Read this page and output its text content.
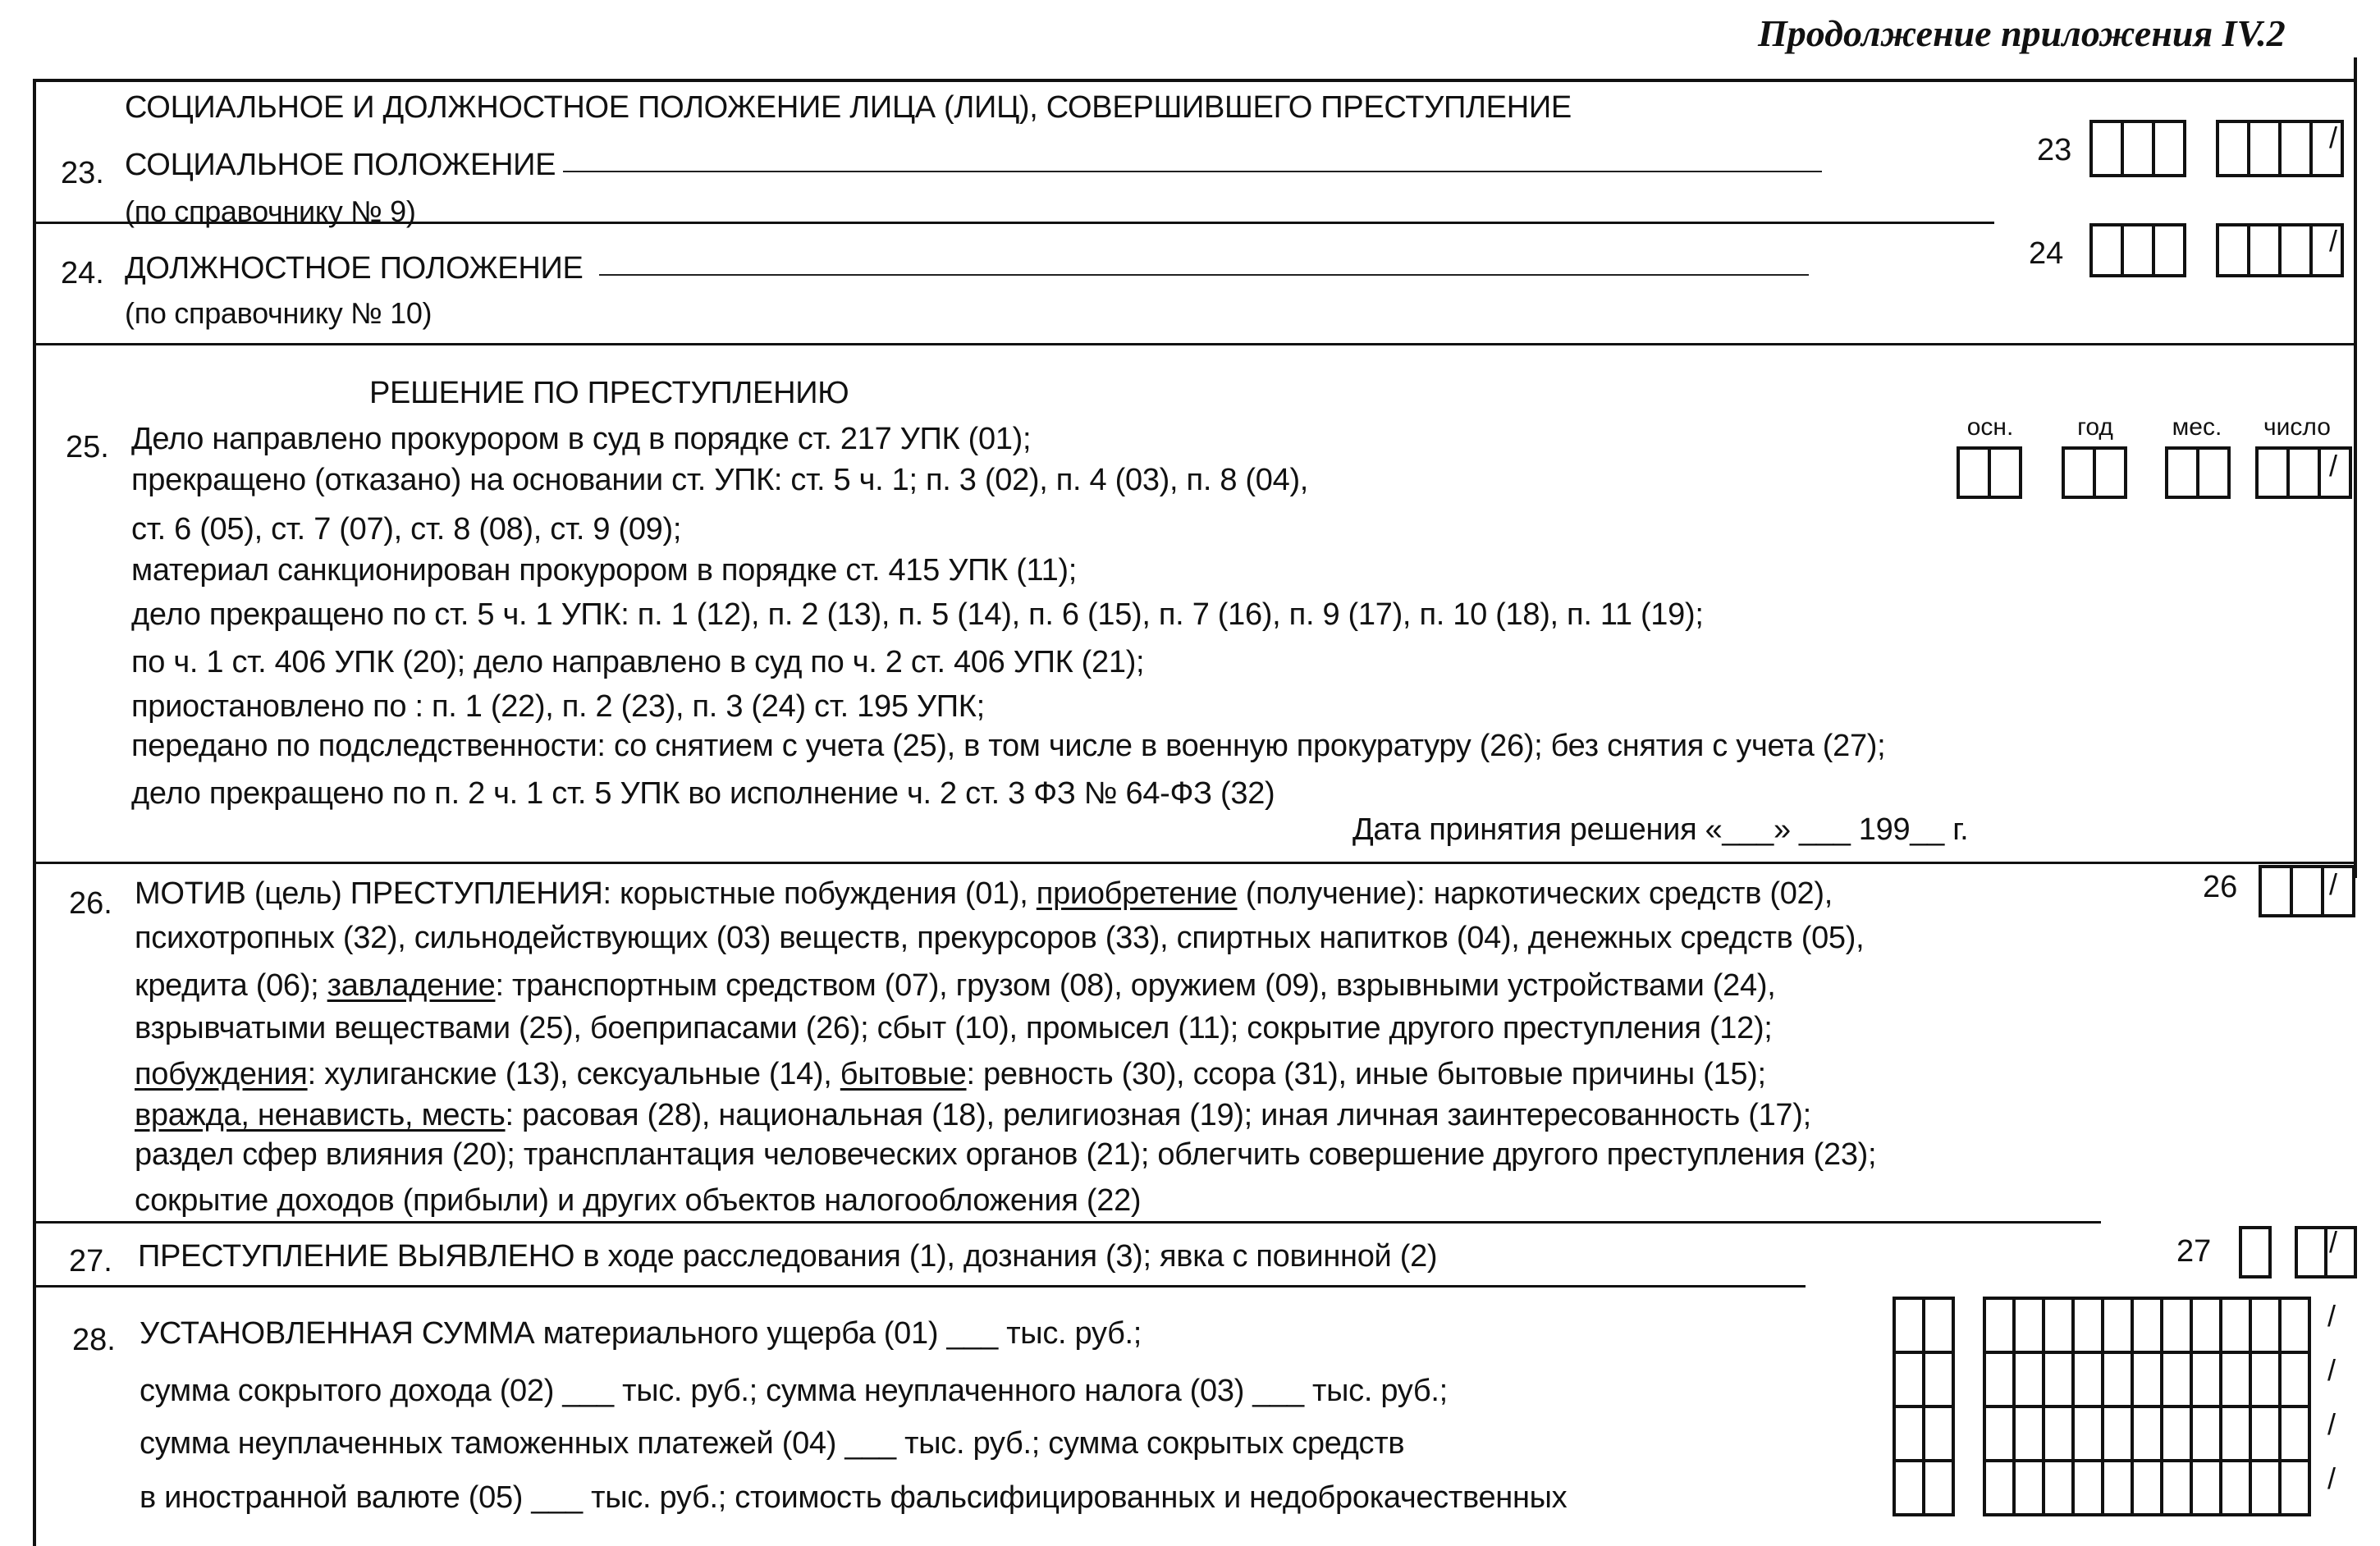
Продолжение приложения IV.2
СОЦИАЛЬНОЕ И ДОЛЖНОСТНОЕ ПОЛОЖЕНИЕ ЛИЦА (ЛИЦ), СОВЕРШИВШЕГО ПРЕСТУПЛЕНИЕ
23. СОЦИАЛЬНОЕ ПОЛОЖЕНИЕ
(по справочнику № 9)
23	/
24. ДОЛЖНОСТНОЕ ПОЛОЖЕНИЕ
(по справочнику № 10)
24	/
РЕШЕНИЕ ПО ПРЕСТУПЛЕНИЮ
25. Дело направлено прокурором в суд в порядке ст. 217 УПК (01);
прекращено (отказано) на основании ст. УПК: ст. 5 ч. 1; п. 3 (02), п. 4 (03), п. 8 (04),
ст. 6 (05), ст. 7 (07), ст. 8 (08), ст. 9 (09);
материал санкционирован прокурором в порядке ст. 415 УПК (11);
дело прекращено по ст. 5 ч. 1 УПК: п. 1 (12), п. 2 (13), п. 5 (14), п. 6 (15), п. 7 (16), п. 9 (17), п. 10 (18), п. 11 (19);
по ч. 1 ст. 406 УПК (20); дело направлено в суд по ч. 2 ст. 406 УПК (21);
приостановлено по : п. 1 (22), п. 2 (23), п. 3 (24) ст. 195 УПК;
передано по подследственности: со снятием с учета (25), в том числе в военную прокуратуру (26); без снятия с учета (27);
дело прекращено по п. 2 ч. 1 ст. 5 УПК во исполнение ч. 2 ст. 3 ФЗ № 64-ФЗ (32)
Дата принятия решения «___» ___ 199__ г.
осн.	год	мес.	число
/
26. МОТИВ (цель) ПРЕСТУПЛЕНИЯ: корыстные побуждения (01), приобретение (получение): наркотических средств (02),
психотропных (32), сильнодействующих (03) веществ, прекурсоров (33), спиртных напитков (04), денежных средств (05),
кредита (06); завладение: транспортным средством (07), грузом (08), оружием (09), взрывными устройствами (24),
взрывчатыми веществами (25), боеприпасами (26); сбыт (10), промысел (11); сокрытие другого преступления (12);
побуждения: хулиганские (13), сексуальные (14), бытовые: ревность (30), ссора (31), иные бытовые причины (15);
вражда, ненависть, месть: расовая (28), национальная (18), религиозная (19); иная личная заинтересованность (17);
раздел сфер влияния (20); трансплантация человеческих органов (21); облегчить совершение другого преступления (23);
сокрытие доходов (прибыли) и других объектов налогообложения (22)
26	/
27. ПРЕСТУПЛЕНИЕ ВЫЯВЛЕНО в ходе расследования (1), дознания (3); явка с повинной (2)	27	/
28. УСТАНОВЛЕННАЯ СУММА материального ущерба (01) ___ тыс. руб.;
сумма сокрытого дохода (02) ___ тыс. руб.; сумма неуплаченного налога (03) ___ тыс. руб.;
сумма неуплаченных таможенных платежей (04) ___ тыс. руб.; сумма сокрытых средств
в иностранной валюте (05) ___ тыс. руб.; стоимость фальсифицированных и недоброкачественных
/
/
/
/
